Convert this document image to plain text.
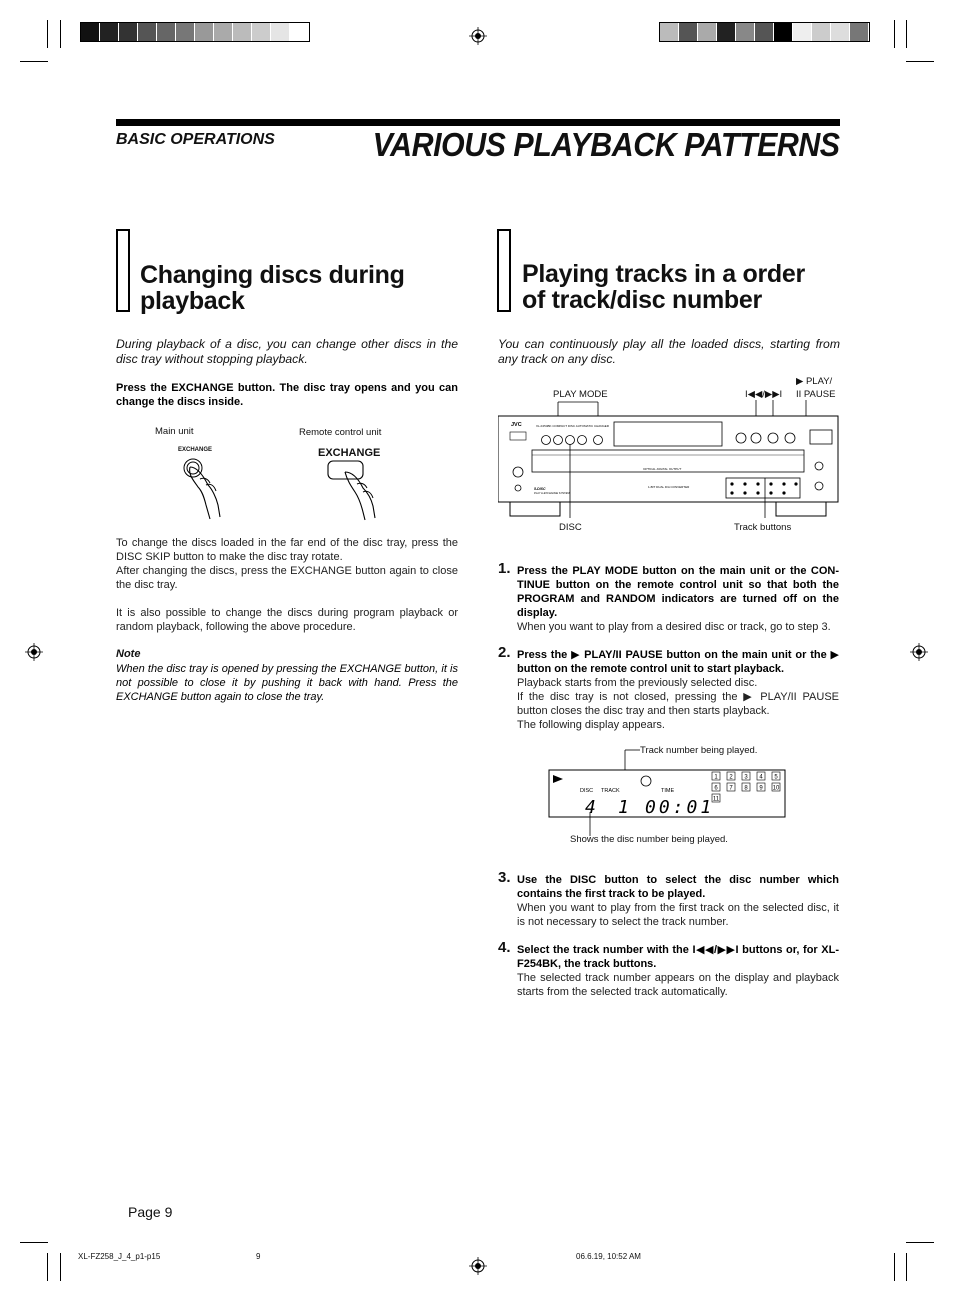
BASIC OPERATIONS	VARIOUS PLAYBACK PATTERNS
Changing discs during
playback
During playback of a disc, you can change other discs in the disc tray without stopping playback.
Press the EXCHANGE button. The disc tray opens and you can change the discs inside.
Main unit	Remote control unit
EXCHANGE	EXCHANGE
To change the discs loaded in the far end of the disc tray, press the DISC SKIP button to make the disc tray rotate.
After changing the discs, press the EXCHANGE button again to close the disc tray.
It is also possible to change the discs during program playback or random playback, following the above procedure.
Note
When the disc tray is opened by pressing the EXCHANGE button, it is not possible to close it by pushing it back with hand. Press the EXCHANGE button again to close the tray.
Playing tracks in a order
of track/disc number
You can continuously play all the loaded discs, starting from any track on any disc.
PLAY MODE	I◀◀/▶▶I
▶ PLAY/
II PAUSE
JVC	XL-F254BK COMPACT DISC AUTOMATIC CHANGER
OPTICAL DIGITAL OUTPUT
1-BIT DUAL D/A CONVERTER
5-DISC
PLAY & EXCHANGE SYSTEM
DISC	Track buttons
1. Press the PLAY MODE button on the main unit or the CON-TINUE button on the remote control unit so that both the PROGRAM and RANDOM indicators are turned off on the display.
When you want to play from a desired disc or track, go to step 3.
2. Press the ▶ PLAY/II PAUSE button on the main unit or the ▶ button on the remote control unit to start playback.
Playback starts from the previously selected disc.
If the disc tray is not closed, pressing the ▶ PLAY/II PAUSE button closes the disc tray and then starts playback.
The following display appears.
Track number being played.
DISC TRACK	TIME
4 1 00:01
1 2 3 4 5
6 7 8 9 10
11
Shows the disc number being played.
3. Use the DISC button to select the disc number which contains the first track to be played.
When you want to play from the first track on the selected disc, it is not necessary to select the track number.
4. Select the track number with the I◀◀/▶▶I buttons or, for XL-F254BK, the track buttons.
The selected track number appears on the display and playback starts from the selected track automatically.
Page 9
XL-FZ258_J_4_p1-p15	9	06.6.19, 10:52 AM
